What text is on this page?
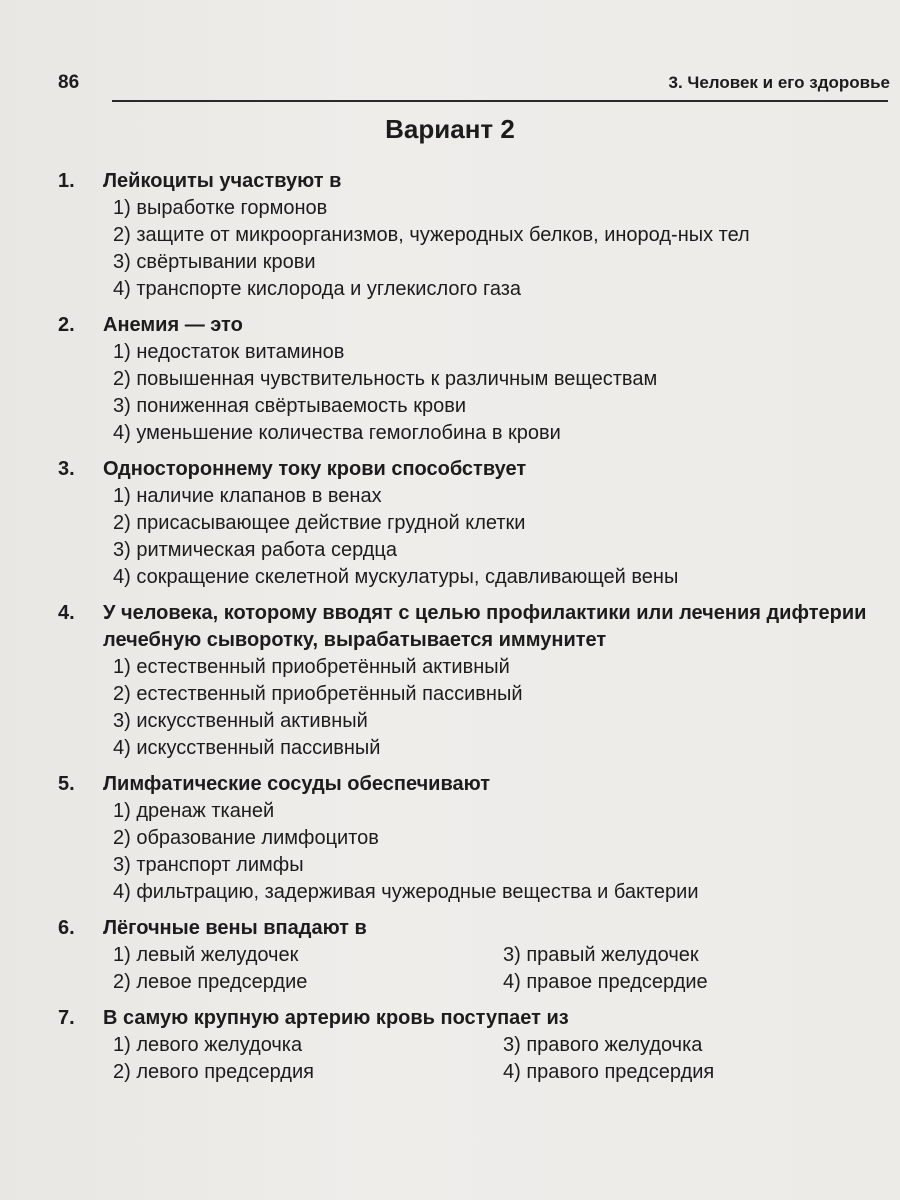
86	3. Человек и его здоровье
Вариант 2
1.	Лейкоциты участвуют в
1) выработке гормонов
2) защите от микроорганизмов, чужеродных белков, инород-ных тел
3) свёртывании крови
4) транспорте кислорода и углекислого газа
2.	Анемия — это
1) недостаток витаминов
2) повышенная чувствительность к различным веществам
3) пониженная свёртываемость крови
4) уменьшение количества гемоглобина в крови
3.	Одностороннему току крови способствует
1) наличие клапанов в венах
2) присасывающее действие грудной клетки
3) ритмическая работа сердца
4) сокращение скелетной мускулатуры, сдавливающей вены
4.	У человека, которому вводят с целью профилактики или лечения дифтерии лечебную сыворотку, вырабатывается иммунитет
1) естественный приобретённый активный
2) естественный приобретённый пассивный
3) искусственный активный
4) искусственный пассивный
5.	Лимфатические сосуды обеспечивают
1) дренаж тканей
2) образование лимфоцитов
3) транспорт лимфы
4) фильтрацию, задерживая чужеродные вещества и бактерии
6.	Лёгочные вены впадают в
1) левый желудочек	3) правый желудочек
2) левое предсердие	4) правое предсердие
7.	В самую крупную артерию кровь поступает из
1) левого желудочка	3) правого желудочка
2) левого предсердия	4) правого предсердия
